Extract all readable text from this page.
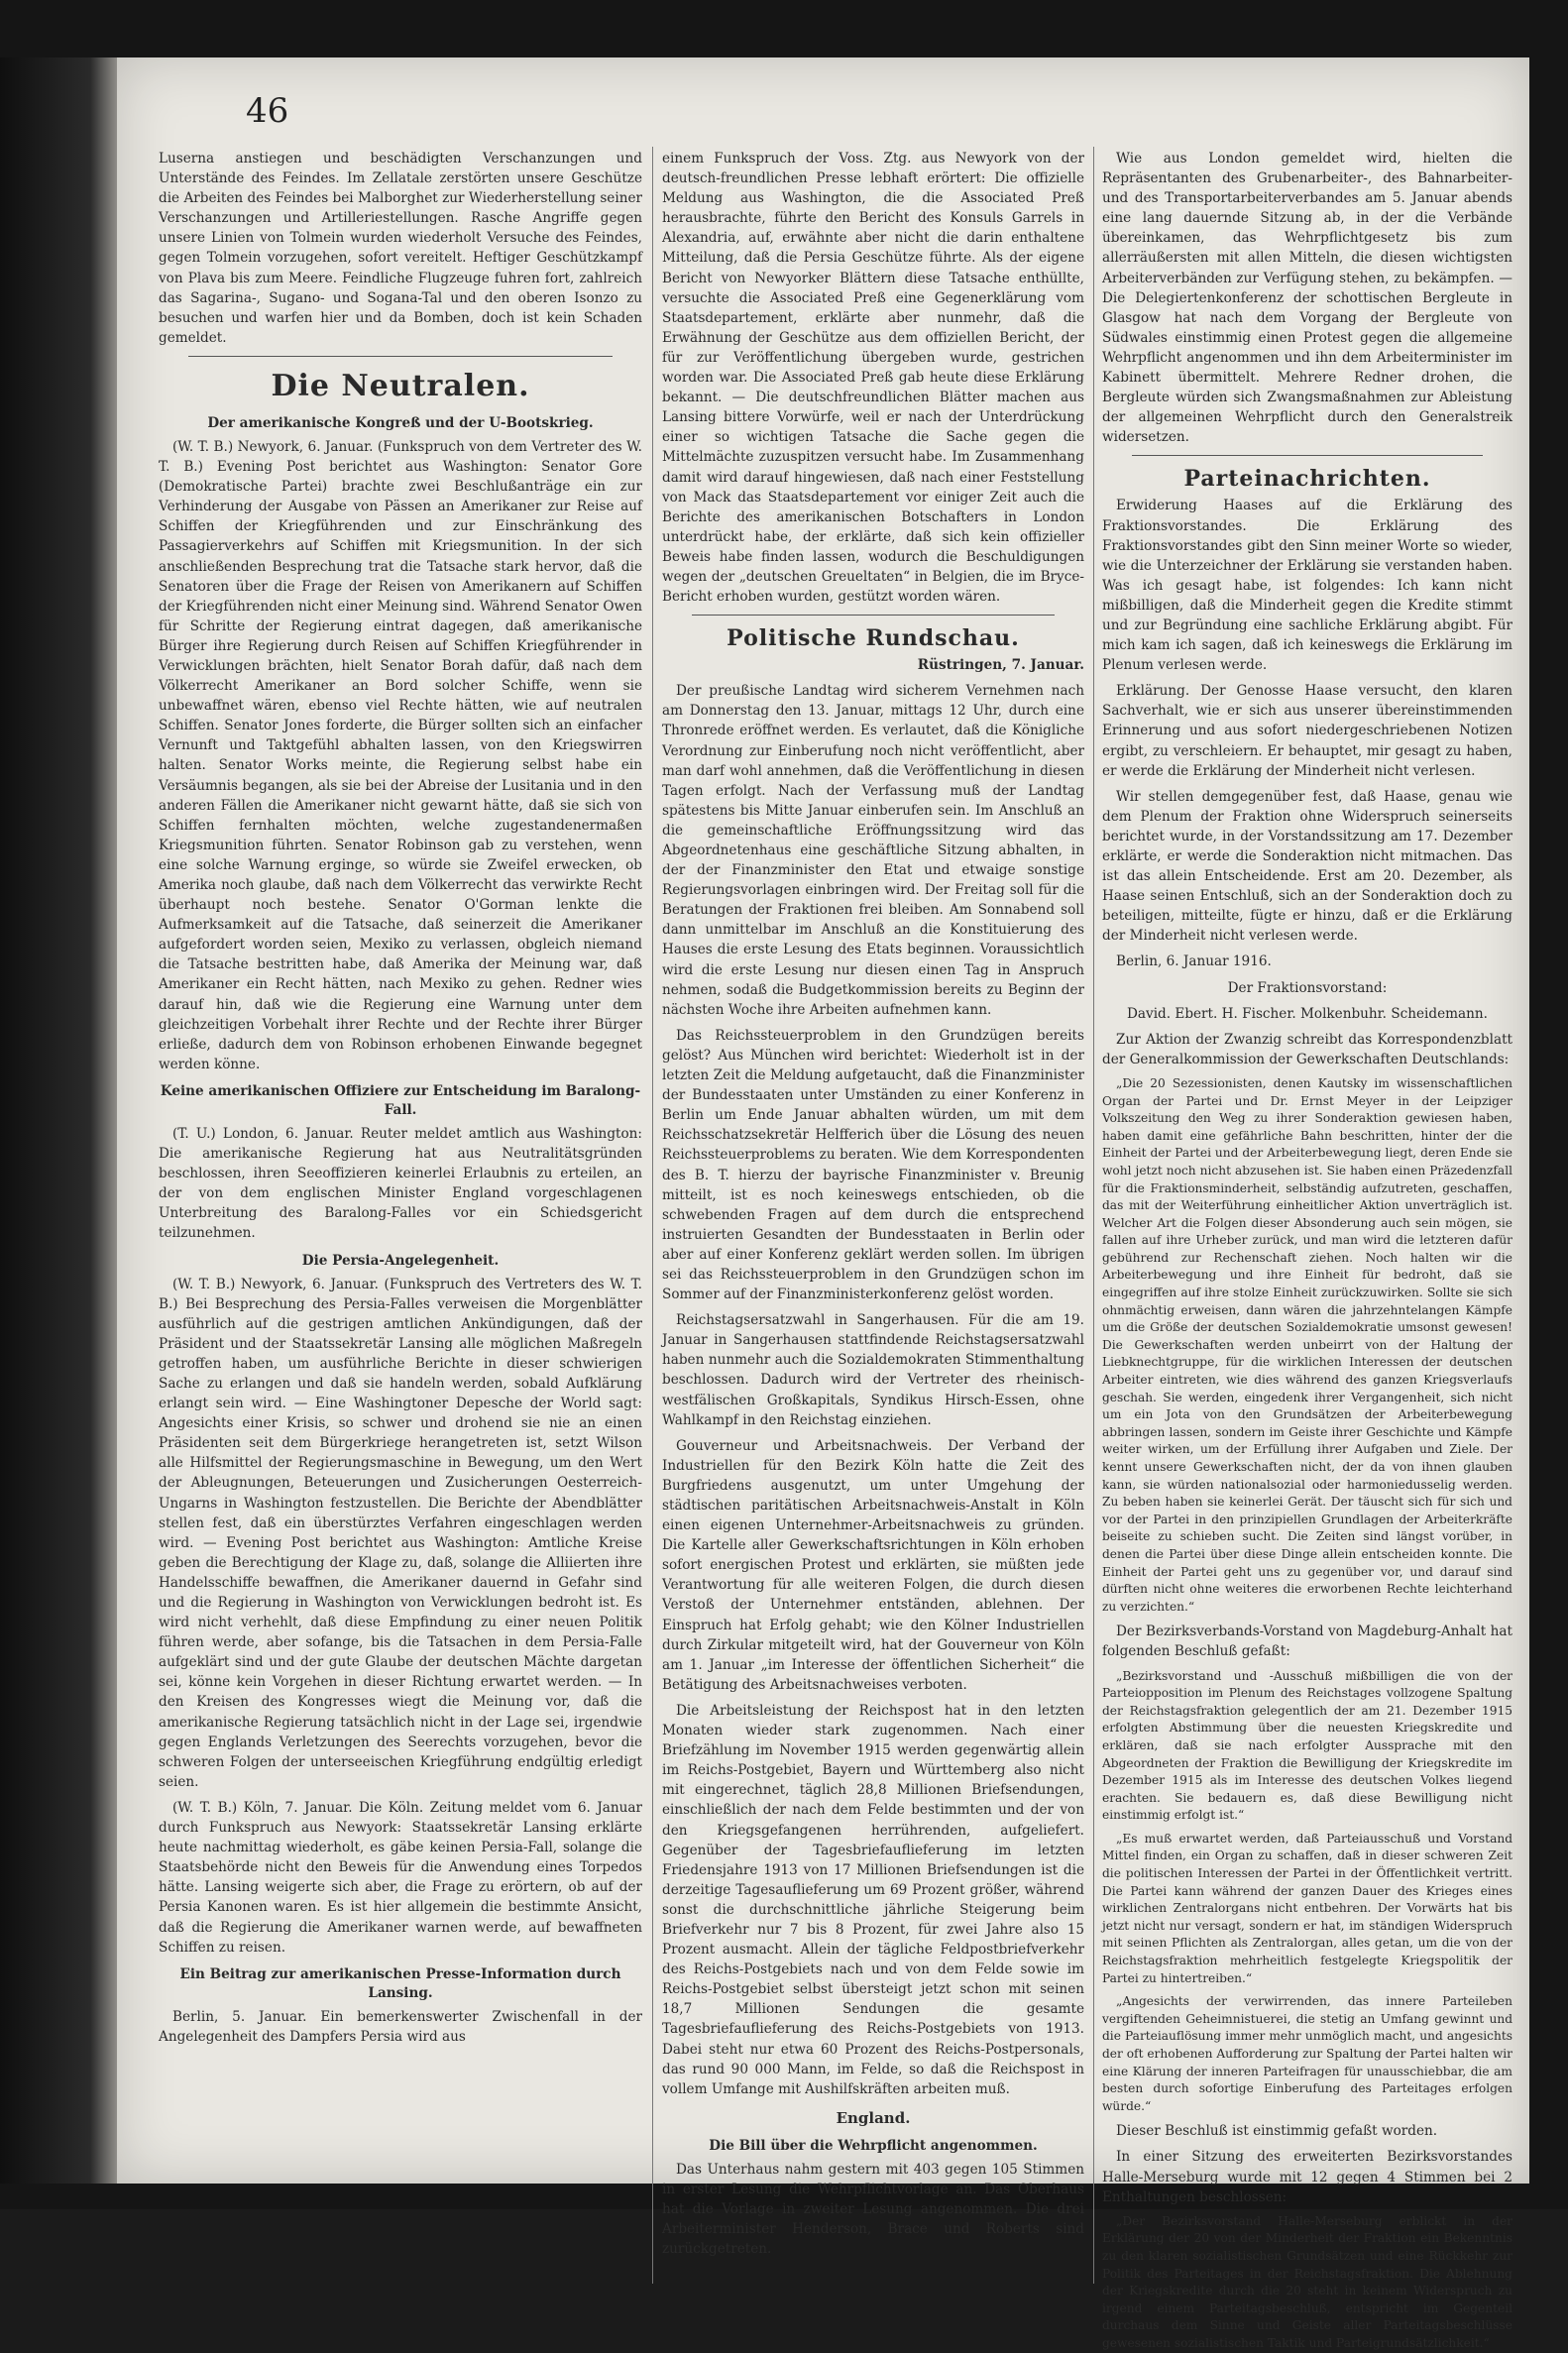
46

Luserna anstiegen und beschädigten Verschanzungen und Unterstände des Feindes. Im Zellatale zerstörten unsere Geschütze die Arbeiten des Feindes bei Malborghet zur Wiederherstellung seiner Verschanzungen und Artilleriestellungen. Rasche Angriffe gegen unsere Linien von Tolmein wurden wiederholt Versuche des Feindes, gegen Tolmein vorzugehen, sofort vereitelt. Heftiger Geschützkampf von Plava bis zum Meere. Feindliche Flugzeuge fuhren fort, zahlreich das Sagarina-, Sugano- und Sogana-Tal und den oberen Isonzo zu besuchen und warfen hier und da Bomben, doch ist kein Schaden gemeldet.

Die Neutralen.
Der amerikanische Kongreß und der U-Bootskrieg.

(W. T. B.) Newyork, 6. Januar. (Funkspruch von dem Vertreter des W. T. B.) Evening Post berichtet aus Washington: Senator Gore (Demokratische Partei) brachte zwei Beschlußanträge ein zur Verhinderung der Ausgabe von Pässen an Amerikaner zur Reise auf Schiffen der Kriegführenden und zur Einschränkung des Passagierverkehrs auf Schiffen mit Kriegsmunition. In der sich anschließenden Besprechung trat die Tatsache stark hervor, daß die Senatoren über die Frage der Reisen von Amerikanern auf Schiffen der Kriegführenden nicht einer Meinung sind. Während Senator Owen für Schritte der Regierung eintrat dagegen, daß amerikanische Bürger ihre Regierung durch Reisen auf Schiffen Kriegführender in Verwicklungen brächten, hielt Senator Borah dafür, daß nach dem Völkerrecht Amerikaner an Bord solcher Schiffe, wenn sie unbewaffnet wären, ebenso viel Rechte hätten, wie auf neutralen Schiffen. Senator Jones forderte, die Bürger sollten sich an einfacher Vernunft und Taktgefühl abhalten lassen, von den Kriegswirren halten. Senator Works meinte, die Regierung selbst habe ein Versäumnis begangen, als sie bei der Abreise der Lusitania und in den anderen Fällen die Amerikaner nicht gewarnt hätte, daß sie sich von Schiffen fernhalten möchten, welche zugestandenermaßen Kriegsmunition führten. Senator Robinson gab zu verstehen, wenn eine solche Warnung erginge, so würde sie Zweifel erwecken, ob Amerika noch glaube, daß nach dem Völkerrecht das verwirkte Recht überhaupt noch bestehe. Senator O'Gorman lenkte die Aufmerksamkeit auf die Tatsache, daß seinerzeit die Amerikaner aufgefordert worden seien, Mexiko zu verlassen, obgleich niemand die Tatsache bestritten habe, daß Amerika der Meinung war, daß Amerikaner ein Recht hätten, nach Mexiko zu gehen. Redner wies darauf hin, daß wie die Regierung eine Warnung unter dem gleichzeitigen Vorbehalt ihrer Rechte und der Rechte ihrer Bürger erließe, dadurch dem von Robinson erhobenen Einwande begegnet werden könne.

Keine amerikanischen Offiziere zur Entscheidung im Baralong-Fall.

(T. U.) London, 6. Januar. Reuter meldet amtlich aus Washington: Die amerikanische Regierung hat aus Neutralitätsgründen beschlossen, ihren Seeoffizieren keinerlei Erlaubnis zu erteilen, an der von dem englischen Minister England vorgeschlagenen Unterbreitung des Baralong-Falles vor ein Schiedsgericht teilzunehmen.

Die Persia-Angelegenheit.

(W. T. B.) Newyork, 6. Januar. (Funkspruch des Vertreters des W. T. B.) Bei Besprechung des Persia-Falles verweisen die Morgenblätter ausführlich auf die gestrigen amtlichen Ankündigungen, daß der Präsident und der Staatssekretär Lansing alle möglichen Maßregeln getroffen haben, um ausführliche Berichte in dieser schwierigen Sache zu erlangen und daß sie handeln werden, sobald Aufklärung erlangt sein wird. — Eine Washingtoner Depesche der World sagt: Angesichts einer Krisis, so schwer und drohend sie nie an einen Präsidenten seit dem Bürgerkriege herangetreten ist, setzt Wilson alle Hilfsmittel der Regierungsmaschine in Bewegung, um den Wert der Ableugnungen, Beteuerungen und Zusicherungen Oesterreich-Ungarns in Washington festzustellen. Die Berichte der Abendblätter stellen fest, daß ein überstürztes Verfahren eingeschlagen werden wird. — Evening Post berichtet aus Washington: Amtliche Kreise geben die Berechtigung der Klage zu, daß, solange die Alliierten ihre Handelsschiffe bewaffnen, die Amerikaner dauernd in Gefahr sind und die Regierung in Washington von Verwicklungen bedroht ist. Es wird nicht verhehlt, daß diese Empfindung zu einer neuen Politik führen werde, aber sofange, bis die Tatsachen in dem Persia-Falle aufgeklärt sind und der gute Glaube der deutschen Mächte dargetan sei, könne kein Vorgehen in dieser Richtung erwartet werden. — In den Kreisen des Kongresses wiegt die Meinung vor, daß die amerikanische Regierung tatsächlich nicht in der Lage sei, irgendwie gegen Englands Verletzungen des Seerechts vorzugehen, bevor die schweren Folgen der unterseeischen Kriegführung endgültig erledigt seien.

(W. T. B.) Köln, 7. Januar. Die Köln. Zeitung meldet vom 6. Januar durch Funkspruch aus Newyork: Staatssekretär Lansing erklärte heute nachmittag wiederholt, es gäbe keinen Persia-Fall, solange die Staatsbehörde nicht den Beweis für die Anwendung eines Torpedos hätte. Lansing weigerte sich aber, die Frage zu erörtern, ob auf der Persia Kanonen waren. Es ist hier allgemein die bestimmte Ansicht, daß die Regierung die Amerikaner warnen werde, auf bewaffneten Schiffen zu reisen.

Ein Beitrag zur amerikanischen Presse-Information durch Lansing.

Berlin, 5. Januar. Ein bemerkenswerter Zwischenfall in der Angelegenheit des Dampfers Persia wird aus

einem Funkspruch der Voss. Ztg. aus Newyork von der deutsch-freundlichen Presse lebhaft erörtert: Die offizielle Meldung aus Washington, die die Associated Preß herausbrachte, führte den Bericht des Konsuls Garrels in Alexandria, auf, erwähnte aber nicht die darin enthaltene Mitteilung, daß die Persia Geschütze führte. Als der eigene Bericht von Newyorker Blättern diese Tatsache enthüllte, versuchte die Associated Preß eine Gegenerklärung vom Staatsdepartement, erklärte aber nunmehr, daß die Erwähnung der Geschütze aus dem offiziellen Bericht, der für zur Veröffentlichung übergeben wurde, gestrichen worden war. Die Associated Preß gab heute diese Erklärung bekannt. — Die deutschfreundlichen Blätter machen aus Lansing bittere Vorwürfe, weil er nach der Unterdrückung einer so wichtigen Tatsache die Sache gegen die Mittelmächte zuzuspitzen versucht habe. Im Zusammenhang damit wird darauf hingewiesen, daß nach einer Feststellung von Mack das Staatsdepartement vor einiger Zeit auch die Berichte des amerikanischen Botschafters in London unterdrückt habe, der erklärte, daß sich kein offizieller Beweis habe finden lassen, wodurch die Beschuldigungen wegen der „deutschen Greueltaten“ in Belgien, die im Bryce-Bericht erhoben wurden, gestützt worden wären.

Politische Rundschau.
Rüstringen, 7. Januar.

Der preußische Landtag wird sicherem Vernehmen nach am Donnerstag den 13. Januar, mittags 12 Uhr, durch eine Thronrede eröffnet werden. Es verlautet, daß die Königliche Verordnung zur Einberufung noch nicht veröffentlicht, aber man darf wohl annehmen, daß die Veröffentlichung in diesen Tagen erfolgt. Nach der Verfassung muß der Landtag spätestens bis Mitte Januar einberufen sein. Im Anschluß an die gemeinschaftliche Eröffnungssitzung wird das Abgeordnetenhaus eine geschäftliche Sitzung abhalten, in der der Finanzminister den Etat und etwaige sonstige Regierungsvorlagen einbringen wird. Der Freitag soll für die Beratungen der Fraktionen frei bleiben. Am Sonnabend soll dann unmittelbar im Anschluß an die Konstituierung des Hauses die erste Lesung des Etats beginnen. Voraussichtlich wird die erste Lesung nur diesen einen Tag in Anspruch nehmen, sodaß die Budgetkommission bereits zu Beginn der nächsten Woche ihre Arbeiten aufnehmen kann.

Das Reichssteuerproblem in den Grundzügen bereits gelöst? Aus München wird berichtet: Wiederholt ist in der letzten Zeit die Meldung aufgetaucht, daß die Finanzminister der Bundesstaaten unter Umständen zu einer Konferenz in Berlin um Ende Januar abhalten würden, um mit dem Reichsschatzsekretär Helfferich über die Lösung des neuen Reichssteuerproblems zu beraten. Wie dem Korrespondenten des B. T. hierzu der bayrische Finanzminister v. Breunig mitteilt, ist es noch keineswegs entschieden, ob die schwebenden Fragen auf dem durch die entsprechend instruierten Gesandten der Bundesstaaten in Berlin oder aber auf einer Konferenz geklärt werden sollen. Im übrigen sei das Reichssteuerproblem in den Grundzügen schon im Sommer auf der Finanzministerkonferenz gelöst worden.

Reichstagsersatzwahl in Sangerhausen. Für die am 19. Januar in Sangerhausen stattfindende Reichstagsersatzwahl haben nunmehr auch die Sozialdemokraten Stimmenthaltung beschlossen. Dadurch wird der Vertreter des rheinisch-westfälischen Großkapitals, Syndikus Hirsch-Essen, ohne Wahlkampf in den Reichstag einziehen.

Gouverneur und Arbeitsnachweis. Der Verband der Industriellen für den Bezirk Köln hatte die Zeit des Burgfriedens ausgenutzt, um unter Umgehung der städtischen paritätischen Arbeitsnachweis-Anstalt in Köln einen eigenen Unternehmer-Arbeitsnachweis zu gründen. Die Kartelle aller Gewerkschaftsrichtungen in Köln erhoben sofort energischen Protest und erklärten, sie müßten jede Verantwortung für alle weiteren Folgen, die durch diesen Verstoß der Unternehmer entständen, ablehnen. Der Einspruch hat Erfolg gehabt; wie den Kölner Industriellen durch Zirkular mitgeteilt wird, hat der Gouverneur von Köln am 1. Januar „im Interesse der öffentlichen Sicherheit“ die Betätigung des Arbeitsnachweises verboten.

Die Arbeitsleistung der Reichspost hat in den letzten Monaten wieder stark zugenommen. Nach einer Briefzählung im November 1915 werden gegenwärtig allein im Reichs-Postgebiet, Bayern und Württemberg also nicht mit eingerechnet, täglich 28,8 Millionen Briefsendungen, einschließlich der nach dem Felde bestimmten und der von den Kriegsgefangenen herrührenden, aufgeliefert. Gegenüber der Tagesbriefauflieferung im letzten Friedensjahre 1913 von 17 Millionen Briefsendungen ist die derzeitige Tagesauflieferung um 69 Prozent größer, während sonst die durchschnittliche jährliche Steigerung beim Briefverkehr nur 7 bis 8 Prozent, für zwei Jahre also 15 Prozent ausmacht. Allein der tägliche Feldpostbriefverkehr des Reichs-Postgebiets nach und von dem Felde sowie im Reichs-Postgebiet selbst übersteigt jetzt schon mit seinen 18,7 Millionen Sendungen die gesamte Tagesbriefauflieferung des Reichs-Postgebiets von 1913. Dabei steht nur etwa 60 Prozent des Reichs-Postpersonals, das rund 90 000 Mann, im Felde, so daß die Reichspost in vollem Umfange mit Aushilfskräften arbeiten muß.

England.
Die Bill über die Wehrpflicht angenommen.

Das Unterhaus nahm gestern mit 403 gegen 105 Stimmen in erster Lesung die Wehrpflichtvorlage an. Das Oberhaus hat die Vorlage in zweiter Lesung angenommen. Die drei Arbeiterminister Henderson, Brace und Roberts sind zurückgetreten.

Wie aus London gemeldet wird, hielten die Repräsentanten des Grubenarbeiter-, des Bahnarbeiter- und des Transportarbeiterverbandes am 5. Januar abends eine lang dauernde Sitzung ab, in der die Verbände übereinkamen, das Wehrpflichtgesetz bis zum allerräußersten mit allen Mitteln, die diesen wichtigsten Arbeiterverbänden zur Verfügung stehen, zu bekämpfen. — Die Delegiertenkonferenz der schottischen Bergleute in Glasgow hat nach dem Vorgang der Bergleute von Südwales einstimmig einen Protest gegen die allgemeine Wehrpflicht angenommen und ihn dem Arbeiterminister im Kabinett übermittelt. Mehrere Redner drohen, die Bergleute würden sich Zwangsmaßnahmen zur Ableistung der allgemeinen Wehrpflicht durch den Generalstreik widersetzen.

Parteinachrichten.

Erwiderung Haases auf die Erklärung des Fraktionsvorstandes. Die Erklärung des Fraktionsvorstandes gibt den Sinn meiner Worte so wieder, wie die Unterzeichner der Erklärung sie verstanden haben. Was ich gesagt habe, ist folgendes: Ich kann nicht mißbilligen, daß die Minderheit gegen die Kredite stimmt und zur Begründung eine sachliche Erklärung abgibt. Für mich kam ich sagen, daß ich keineswegs die Erklärung im Plenum verlesen werde.

Erklärung. Der Genosse Haase versucht, den klaren Sachverhalt, wie er sich aus unserer übereinstimmenden Erinnerung und aus sofort niedergeschriebenen Notizen ergibt, zu verschleiern. Er behauptet, mir gesagt zu haben, er werde die Erklärung der Minderheit nicht verlesen.

Wir stellen demgegenüber fest, daß Haase, genau wie dem Plenum der Fraktion ohne Widerspruch seinerseits berichtet wurde, in der Vorstandssitzung am 17. Dezember erklärte, er werde die Sonderaktion nicht mitmachen. Das ist das allein Entscheidende. Erst am 20. Dezember, als Haase seinen Entschluß, sich an der Sonderaktion doch zu beteiligen, mitteilte, fügte er hinzu, daß er die Erklärung der Minderheit nicht verlesen werde.

Berlin, 6. Januar 1916.

Der Fraktionsvorstand:
David. Ebert. H. Fischer. Molkenbuhr. Scheidemann.

Zur Aktion der Zwanzig schreibt das Korrespondenzblatt der Generalkommission der Gewerkschaften Deutschlands:

„Die 20 Sezessionisten, denen Kautsky im wissenschaftlichen Organ der Partei und Dr. Ernst Meyer in der Leipziger Volkszeitung den Weg zu ihrer Sonderaktion gewiesen haben, haben damit eine gefährliche Bahn beschritten, hinter der die Einheit der Partei und der Arbeiterbewegung liegt, deren Ende sie wohl jetzt noch nicht abzusehen ist. Sie haben einen Präzedenzfall für die Fraktionsminderheit, selbständig aufzutreten, geschaffen, das mit der Weiterführung einheitlicher Aktion unverträglich ist. Welcher Art die Folgen dieser Absonderung auch sein mögen, sie fallen auf ihre Urheber zurück, und man wird die letzteren dafür gebührend zur Rechenschaft ziehen. Noch halten wir die Arbeiterbewegung und ihre Einheit für bedroht, daß sie eingegriffen auf ihre stolze Einheit zurückzuwirken. Sollte sie sich ohnmächtig erweisen, dann wären die jahrzehntelangen Kämpfe um die Größe der deutschen Sozialdemokratie umsonst gewesen! Die Gewerkschaften werden unbeirrt von der Haltung der Liebknechtgruppe, für die wirklichen Interessen der deutschen Arbeiter eintreten, wie dies während des ganzen Kriegsverlaufs geschah. Sie werden, eingedenk ihrer Vergangenheit, sich nicht um ein Jota von den Grundsätzen der Arbeiterbewegung abbringen lassen, sondern im Geiste ihrer Geschichte und Kämpfe weiter wirken, um der Erfüllung ihrer Aufgaben und Ziele. Der kennt unsere Gewerkschaften nicht, der da von ihnen glauben kann, sie würden nationalsozial oder harmoniedusselig werden. Zu beben haben sie keinerlei Gerät. Der täuscht sich für sich und vor der Partei in den prinzipiellen Grundlagen der Arbeiterkräfte beiseite zu schieben sucht. Die Zeiten sind längst vorüber, in denen die Partei über diese Dinge allein entscheiden konnte. Die Einheit der Partei geht uns zu gegenüber vor, und darauf sind dürften nicht ohne weiteres die erworbenen Rechte leichterhand zu verzichten.“

Der Bezirksverbands-Vorstand von Magdeburg-Anhalt hat folgenden Beschluß gefaßt:

„Bezirksvorstand und -Ausschuß mißbilligen die von der Parteiopposition im Plenum des Reichstages vollzogene Spaltung der Reichstagsfraktion gelegentlich der am 21. Dezember 1915 erfolgten Abstimmung über die neuesten Kriegskredite und erklären, daß sie nach erfolgter Aussprache mit den Abgeordneten der Fraktion die Bewilligung der Kriegskredite im Dezember 1915 als im Interesse des deutschen Volkes liegend erachten. Sie bedauern es, daß diese Bewilligung nicht einstimmig erfolgt ist.“

„Es muß erwartet werden, daß Parteiausschuß und Vorstand Mittel finden, ein Organ zu schaffen, daß in dieser schweren Zeit die politischen Interessen der Partei in der Öffentlichkeit vertritt. Die Partei kann während der ganzen Dauer des Krieges eines wirklichen Zentralorgans nicht entbehren. Der Vorwärts hat bis jetzt nicht nur versagt, sondern er hat, im ständigen Widerspruch mit seinen Pflichten als Zentralorgan, alles getan, um die von der Reichstagsfraktion mehrheitlich festgelegte Kriegspolitik der Partei zu hintertreiben.“

„Angesichts der verwirrenden, das innere Parteileben vergiftenden Geheimnistuerei, die stetig an Umfang gewinnt und die Parteiauflösung immer mehr unmöglich macht, und angesichts der oft erhobenen Aufforderung zur Spaltung der Partei halten wir eine Klärung der inneren Parteifragen für unausschiebbar, die am besten durch sofortige Einberufung des Parteitages erfolgen würde.“

Dieser Beschluß ist einstimmig gefaßt worden.

In einer Sitzung des erweiterten Bezirksvorstandes Halle-Merseburg wurde mit 12 gegen 4 Stimmen bei 2 Enthaltungen beschlossen:

„Der Bezirksvorstand Halle-Merseburg erblickt in der Erklärung der 20 von der Minderheit der Fraktion ein Bekenntnis zu den klaren sozialistischen Grundsätzen und eine Rückkehr zur Politik des Parteitages in der Reichstagsfraktion. Die Ablehnung der Kriegskredite durch die 20 steht in keinem Widerspruch zu irgend einem Parteitagsbeschluß, entspricht im Gegenteil durchaus dem Sinne und Geiste aller Parteitagsbeschlüsse gewesenen sozialistischen Taktik und Parteigrundsätzlichkeit.“
